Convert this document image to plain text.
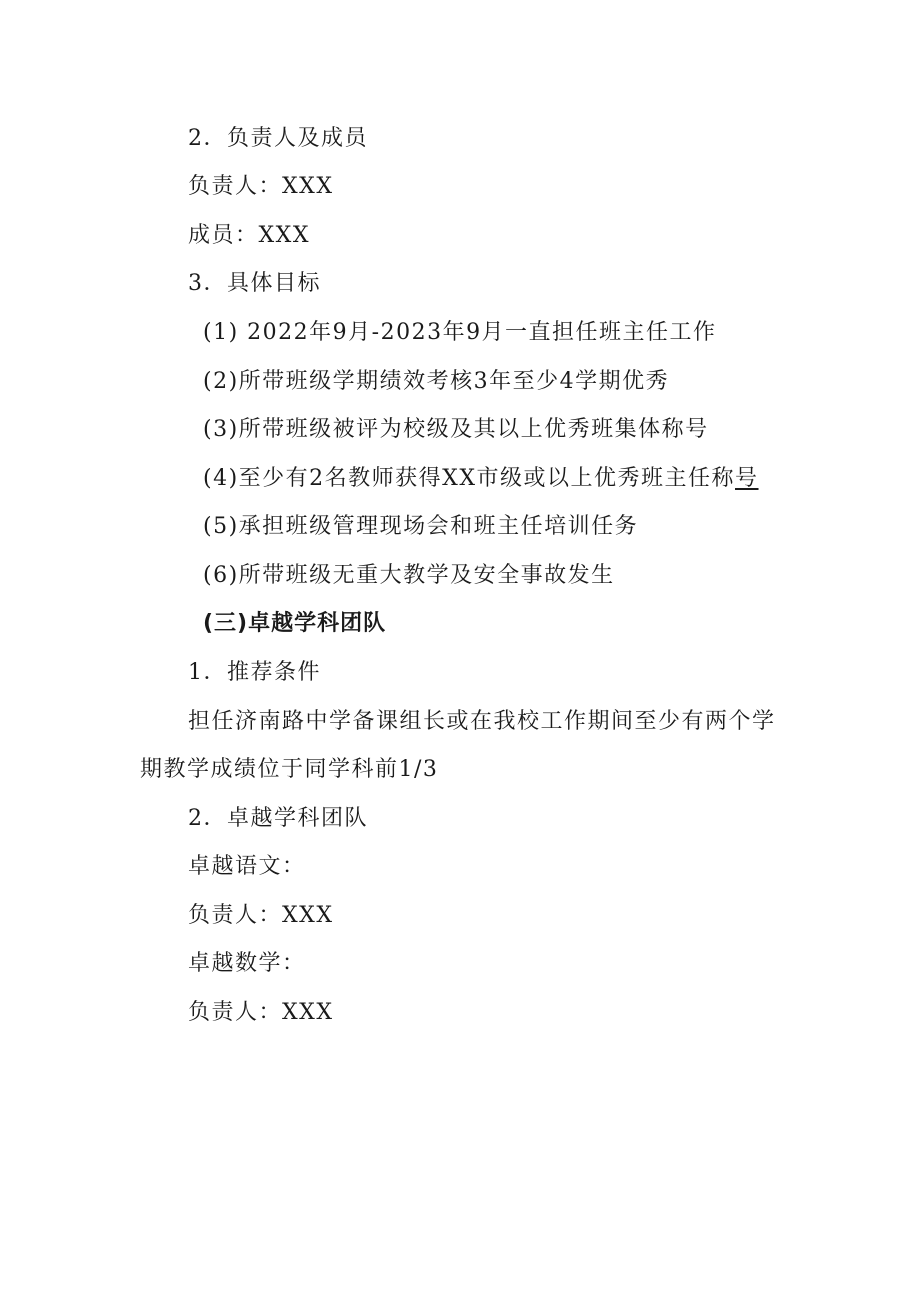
2．负责人及成员
负责人：XXX
成员：XXX
3．具体目标
(1) 2022年9月-2023年9月一直担任班主任工作
(2)所带班级学期绩效考核3年至少4学期优秀
(3)所带班级被评为校级及其以上优秀班集体称号
(4)至少有2名教师获得XX市级或以上优秀班主任称号
(5)承担班级管理现场会和班主任培训任务
(6)所带班级无重大教学及安全事故发生
(三)卓越学科团队
1．推荐条件
担任济南路中学备课组长或在我校工作期间至少有两个学
期教学成绩位于同学科前1/3
2．卓越学科团队
卓越语文：
负责人：XXX
卓越数学：
负责人：XXX
